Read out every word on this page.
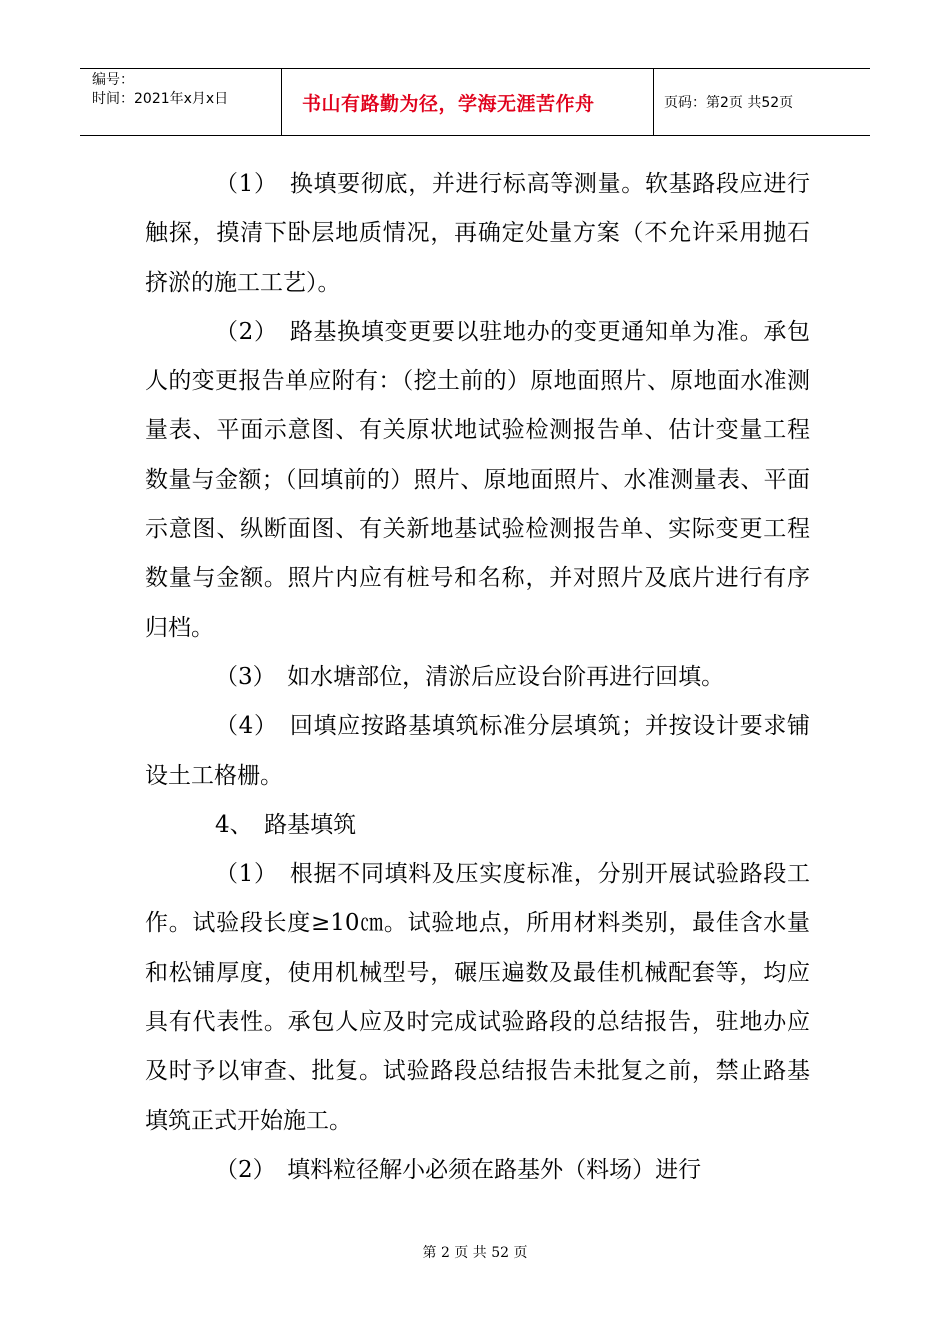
编号：
时间：2021年x月x日	书山有路勤为径，学海无涯苦作舟	页码：第2页 共52页

（1）　换填要彻底，并进行标高等测量。软基路段应进行触探，摸清下卧层地质情况，再确定处量方案（不允许采用抛石挤淤的施工工艺）。

（2）　路基换填变更要以驻地办的变更通知单为准。承包人的变更报告单应附有：（挖土前的）原地面照片、原地面水准测量表、平面示意图、有关原状地试验检测报告单、估计变量工程数量与金额；（回填前的）照片、原地面照片、水准测量表、平面示意图、纵断面图、有关新地基试验检测报告单、实际变更工程数量与金额。照片内应有桩号和名称，并对照片及底片进行有序归档。

（3）　如水塘部位，清淤后应设台阶再进行回填。

（4）　回填应按路基填筑标准分层填筑；并按设计要求铺设土工格栅。

4、　路基填筑

（1）　根据不同填料及压实度标准，分别开展试验路段工作。试验段长度≥10㎝。试验地点，所用材料类别，最佳含水量和松铺厚度，使用机械型号，碾压遍数及最佳机械配套等，均应具有代表性。承包人应及时完成试验路段的总结报告，驻地办应及时予以审查、批复。试验路段总结报告未批复之前，禁止路基填筑正式开始施工。

（2）　填料粒径解小必须在路基外（料场）进行

第 2 页 共 52 页
